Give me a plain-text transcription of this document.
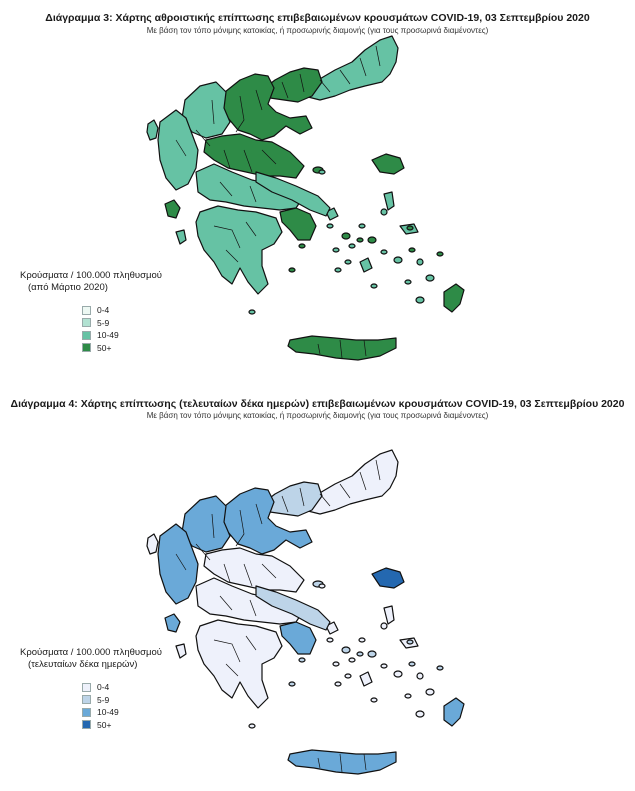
Διάγραμμα 3: Χάρτης αθροιστικής επίπτωσης επιβεβαιωμένων κρουσμάτων COVID-19, 03 Σεπτεμβρίου 2020
Με βάση τον τόπο μόνιμης κατοικίας, ή προσωρινής διαμονής (για τους προσωρινά διαμένοντες)
Κρούσματα / 100.000 πληθυσμού
(από Μάρτιο 2020)
0-4
5-9
10-49
50+
Διάγραμμα 4: Χάρτης επίπτωσης (τελευταίων δέκα ημερών) επιβεβαιωμένων κρουσμάτων COVID-19, 03 Σεπτεμβρίου 2020
Με βάση τον τόπο μόνιμης κατοικίας, ή προσωρινής διαμονής (για τους προσωρινά διαμένοντες)
Κρούσματα / 100.000 πληθυσμού
(τελευταίων δέκα ημερών)
0-4
5-9
10-49
50+
